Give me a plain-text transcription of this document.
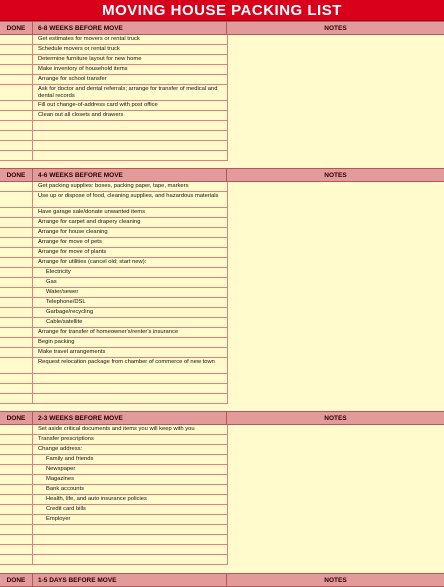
MOVING HOUSE PACKING LIST
DONE	6-8 WEEKS BEFORE MOVE	NOTES
Get estimates for movers or rental truck
Schedule movers or rental truck
Determine furniture layout for new home
Make inventory of household items
Arrange for school transfer
Ask for doctor and dental referrals; arrange for transfer of medical and dental records
Fill out change-of-address card with post office
Clean out all closets and drawers
DONE	4-6 WEEKS BEFORE MOVE	NOTES
Get packing supplies: boxes, packing paper, tape, markers
Use up or dispose of food, cleaning supplies, and hazardous materials
Have garage sale/donate unwanted items
Arrange for carpet and drapery cleaning
Arrange for house cleaning
Arrange for move of pets
Arrange for move of plants
Arrange for utilities (cancel old; start new):
Electricity
Gas
Water/sewer
Telephone/DSL
Garbage/recycling
Cable/satellite
Arrange for transfer of homeowner's/renter's insurance
Begin packing
Make travel arrangements
Request relocation package from chamber of commerce of new town
DONE	2-3 WEEKS BEFORE MOVE	NOTES
Set aside critical documents and items you will keep with you
Transfer prescriptions
Change address:
Family and friends
Newspaper
Magazines
Bank accounts
Health, life, and auto insurance policies
Credit card bills
Employer
DONE	1-5 DAYS BEFORE MOVE	NOTES
